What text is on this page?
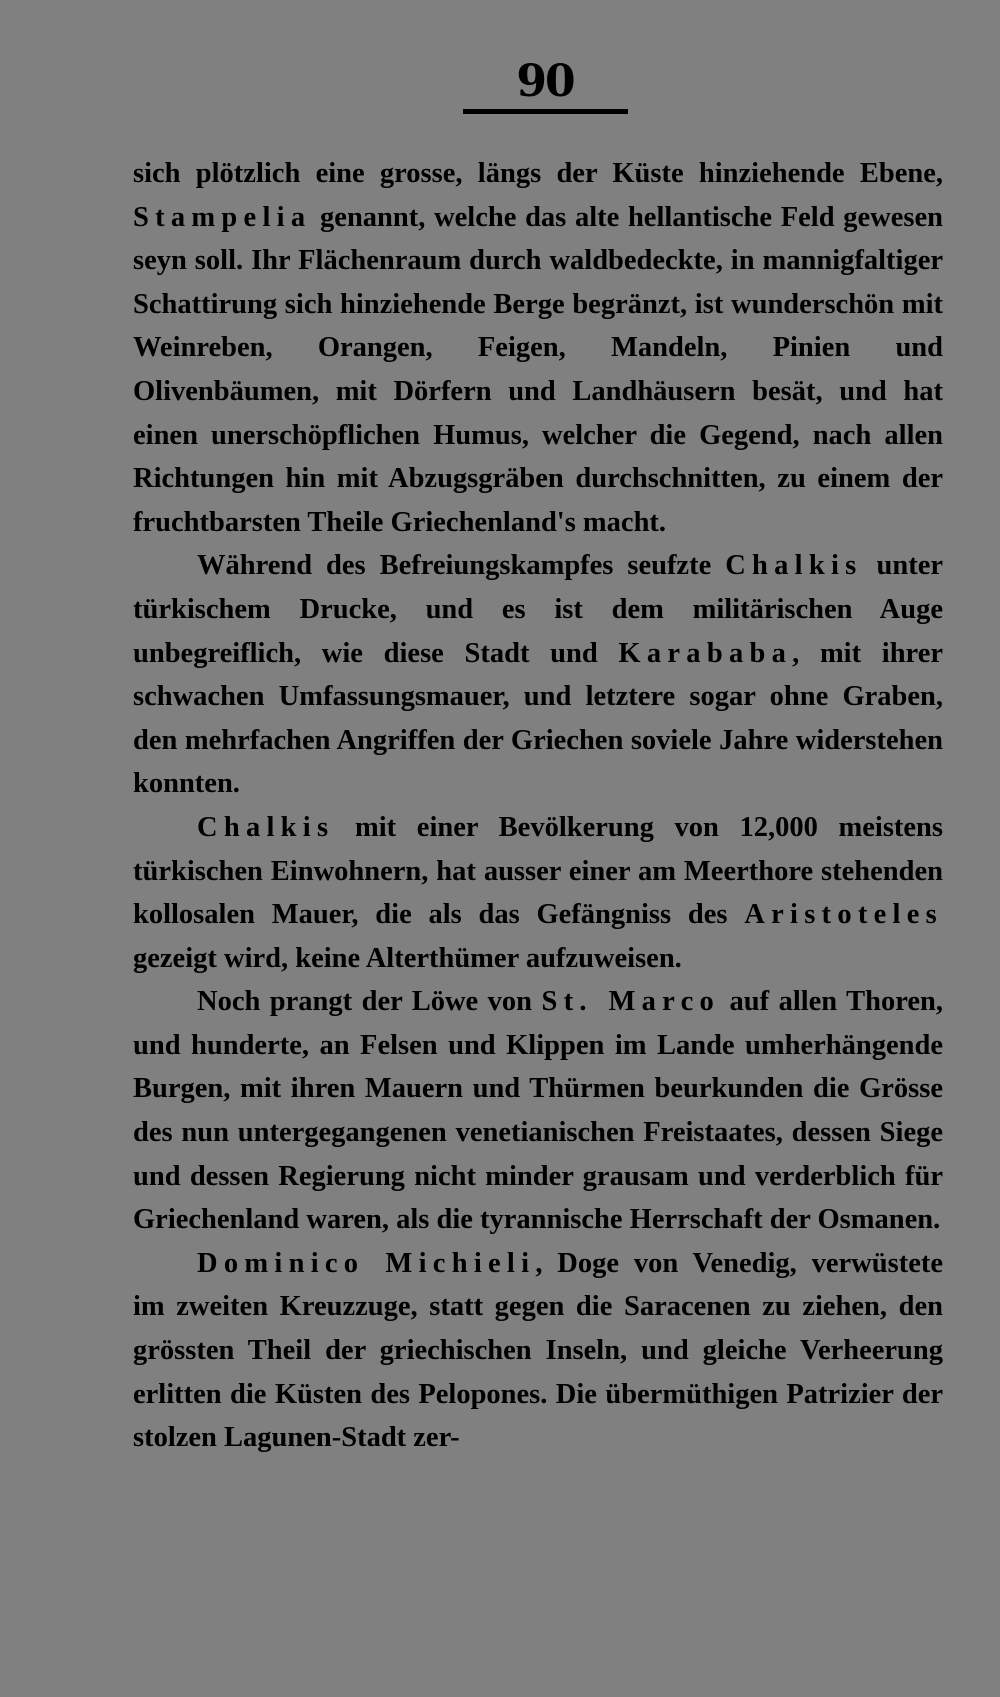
90

sich plötzlich eine grosse, längs der Küste hinziehende Ebene, Stampelia genannt, welche das alte hellantische Feld gewesen seyn soll. Ihr Flächenraum durch waldbedeckte, in mannigfaltiger Schattirung sich hinziehende Berge begränzt, ist wunderschön mit Weinreben, Orangen, Feigen, Mandeln, Pinien und Olivenbäumen, mit Dörfern und Landhäusern besät, und hat einen unerschöpflichen Humus, welcher die Gegend, nach allen Richtungen hin mit Abzugsgräben durchschnitten, zu einem der fruchtbarsten Theile Griechenland's macht.

Während des Befreiungskampfes seufzte Chalkis unter türkischem Drucke, und es ist dem militärischen Auge unbegreiflich, wie diese Stadt und Karababa, mit ihrer schwachen Umfassungsmauer, und letztere sogar ohne Graben, den mehrfachen Angriffen der Griechen soviele Jahre widerstehen konnten.

Chalkis mit einer Bevölkerung von 12,000 meistens türkischen Einwohnern, hat ausser einer am Meerthore stehenden kollosalen Mauer, die als das Gefängniss des Aristoteles gezeigt wird, keine Alterthümer aufzuweisen.

Noch prangt der Löwe von St. Marco auf allen Thoren, und hunderte, an Felsen und Klippen im Lande umherhängende Burgen, mit ihren Mauern und Thürmen beurkunden die Grösse des nun untergegangenen venetianischen Freistaates, dessen Siege und dessen Regierung nicht minder grausam und verderblich für Griechenland waren, als die tyrannische Herrschaft der Osmanen.

Dominico Michieli, Doge von Venedig, verwüstete im zweiten Kreuzzuge, statt gegen die Saracenen zu ziehen, den grössten Theil der griechischen Inseln, und gleiche Verheerung erlitten die Küsten des Pelopones. Die übermüthigen Patrizier der stolzen Lagunen-Stadt zer-
